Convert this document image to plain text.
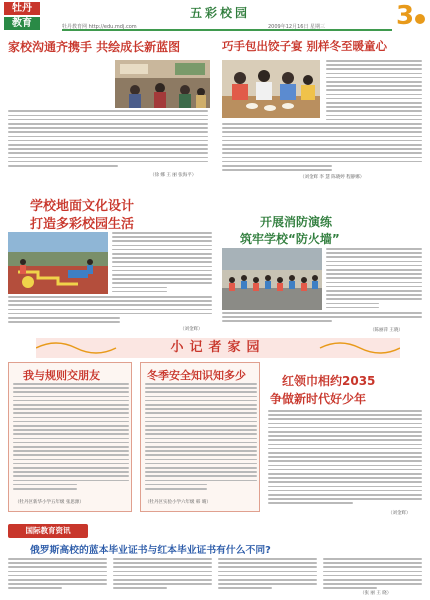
牡丹
教育
五彩校园
牡丹教育网 http://edu.mdj.com	2009年12月16日 星期三	3
家校沟通齐携手 共绘成长新蓝图
（徐 娜 王 丽 张海平）
巧手包出饺子宴 别样冬至暖童心
（刘金辉 李 慧 陈晓婷 程静娜）
学校地面文化设计
打造多彩校园生活
（刘金辉）
开展消防演练
筑牢学校“防火墙”
（陈丽萍 王晓）
小记者家园
我与规则交朋友
（牡丹区新华小学五年级 张思源）
冬季安全知识知多少
（牡丹区实验小学六年级 韩 晴）
红领巾相约2035
争做新时代好少年
（刘金辉）
国际教育资讯
俄罗斯高校的蓝本毕业证书与红本毕业证书有什么不同?
（张 丽 王 晓）
